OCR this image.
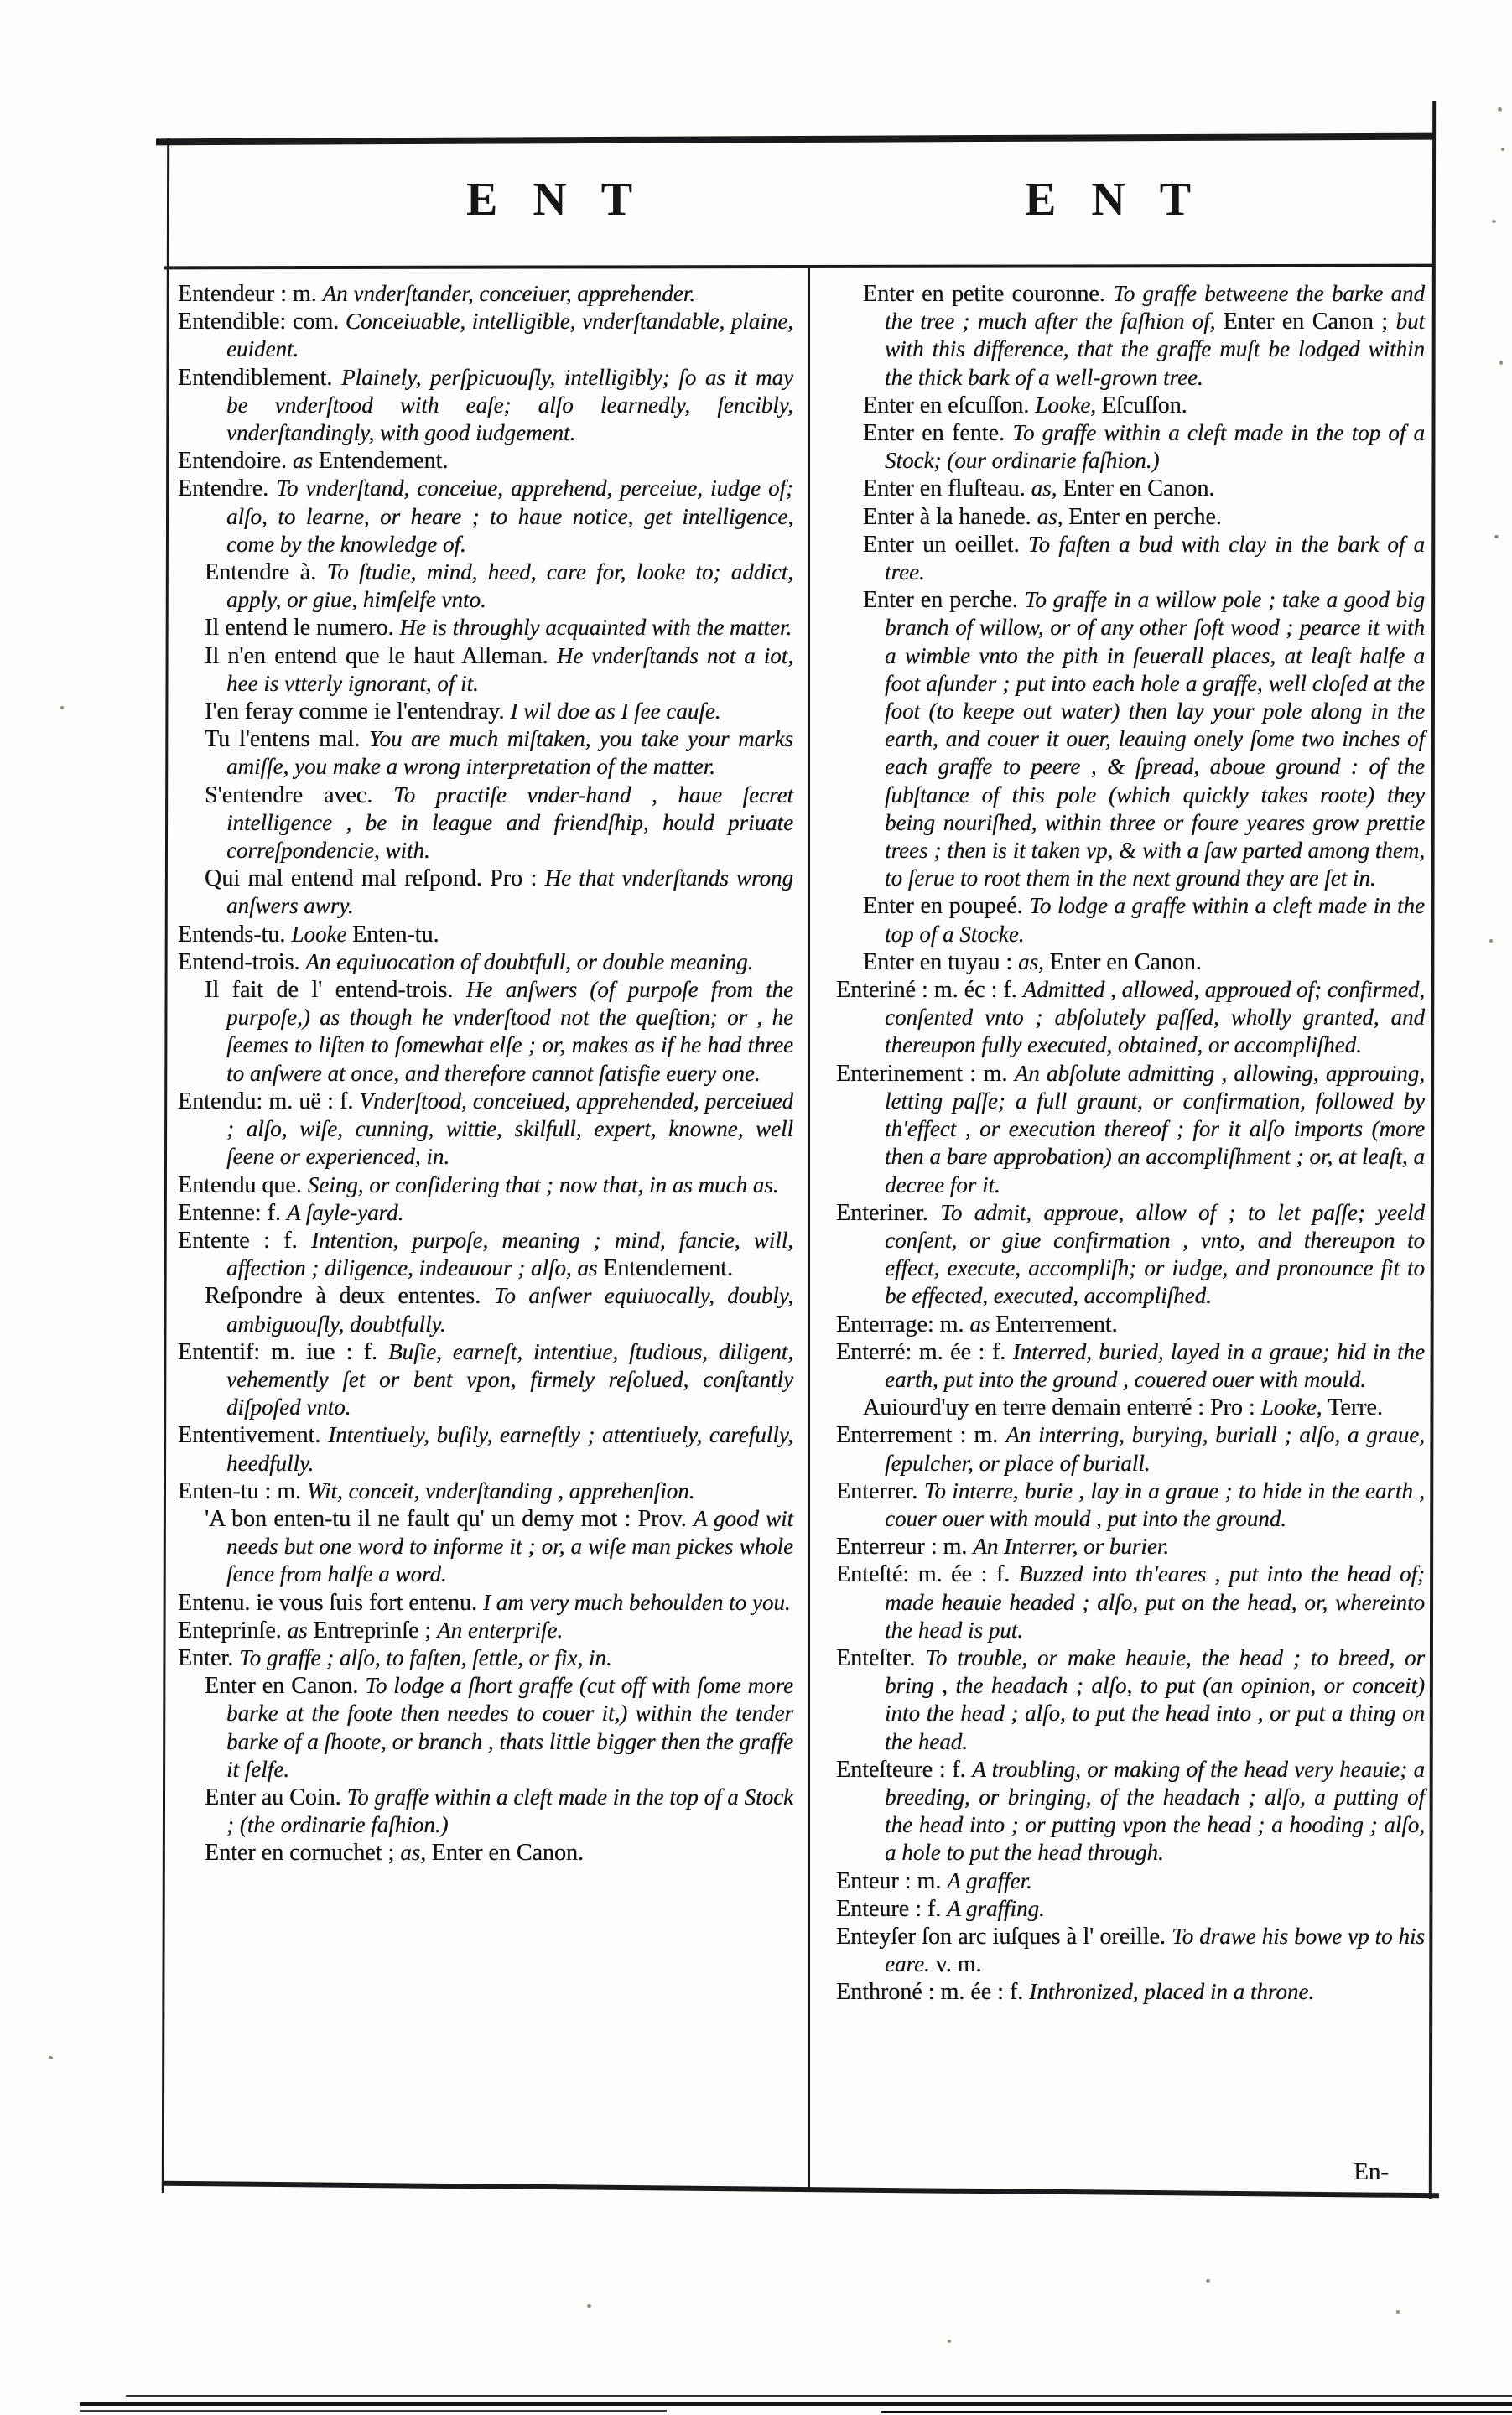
E N T	E N T

Entendeur : m. An vnderſtander, conceiuer, apprehender.

Entendible: com. Conceiuable, intelligible, vnderſtandable, plaine, euident.

Entendiblement. Plainely, perſpicuouſly, intelligibly; ſo as it may be vnderſtood with eaſe; alſo learnedly, ſencibly, vnderſtandingly, with good iudgement.

Entendoire. as Entendement.

Entendre. To vnderſtand, conceiue, apprehend, perceiue, iudge of; alſo, to learne, or heare ; to haue notice, get intelligence, come by the knowledge of.

Entendre à. To ſtudie, mind, heed, care for, looke to; addict, apply, or giue, himſelfe vnto.

Il entend le numero. He is throughly acquainted with the matter.

Il n'en entend que le haut Alleman. He vnderſtands not a iot, hee is vtterly ignorant, of it.

I'en feray comme ie l'entendray. I wil doe as I ſee cauſe.

Tu l'entens mal. You are much miſtaken, you take your marks amiſſe, you make a wrong interpretation of the matter.

S'entendre avec. To practiſe vnder-hand , haue ſecret intelligence , be in league and friendſhip, hould priuate correſpondencie, with.

Qui mal entend mal reſpond. Pro : He that vnderſtands wrong anſwers awry.

Entends-tu. Looke Enten-tu.

Entend-trois. An equiuocation of doubtfull, or double meaning.

Il fait de l' entend-trois. He anſwers (of purpoſe from the purpoſe,) as though he vnderſtood not the queſtion; or , he ſeemes to liſten to ſomewhat elſe ; or, makes as if he had three to anſwere at once, and therefore cannot ſatisfie euery one.

Entendu: m. uë : f. Vnderſtood, conceiued, apprehended, perceiued ; alſo, wiſe, cunning, wittie, skilfull, expert, knowne, well ſeene or experienced, in.

Entendu que. Seing, or conſidering that ; now that, in as much as.

Entenne: f. A ſayle-yard.

Entente : f. Intention, purpoſe, meaning ; mind, fancie, will, affection ; diligence, indeauour ; alſo, as Entendement.

Reſpondre à deux ententes. To anſwer equiuocally, doubly, ambiguouſly, doubtfully.

Ententif: m. iue : f. Buſie, earneſt, intentiue, ſtudious, diligent, vehemently ſet or bent vpon, firmely reſolued, conſtantly diſpoſed vnto.

Ententivement. Intentiuely, buſily, earneſtly ; attentiuely, carefully, heedfully.

Enten-tu : m. Wit, conceit, vnderſtanding , apprehenſion.

'A bon enten-tu il ne fault qu' un demy mot : Prov. A good wit needs but one word to informe it ; or, a wiſe man pickes whole ſence from halfe a word.

Entenu. ie vous ſuis fort entenu. I am very much behoulden to you.

Enteprinſe. as Entreprinſe ; An enterpriſe.

Enter. To graffe ; alſo, to faſten, ſettle, or fix, in.

Enter en Canon. To lodge a ſhort graffe (cut off with ſome more barke at the foote then needes to couer it,) within the tender barke of a ſhoote, or branch , thats little bigger then the graffe it ſelfe.

Enter au Coin. To graffe within a cleft made in the top of a Stock ; (the ordinarie faſhion.)

Enter en cornuchet ; as, Enter en Canon.

Enter en petite couronne. To graffe betweene the barke and the tree ; much after the faſhion of, Enter en Canon ; but with this difference, that the graffe muſt be lodged within the thick bark of a well-grown tree.

Enter en eſcuſſon. Looke, Eſcuſſon.

Enter en fente. To graffe within a cleft made in the top of a Stock; (our ordinarie faſhion.)

Enter en fluſteau. as, Enter en Canon.

Enter à la hanede. as, Enter en perche.

Enter un oeillet. To faſten a bud with clay in the bark of a tree.

Enter en perche. To graffe in a willow pole ; take a good big branch of willow, or of any other ſoft wood ; pearce it with a wimble vnto the pith in ſeuerall places, at leaſt halfe a foot aſunder ; put into each hole a graffe, well cloſed at the foot (to keepe out water) then lay your pole along in the earth, and couer it ouer, leauing onely ſome two inches of each graffe to peere , & ſpread, aboue ground : of the ſubſtance of this pole (which quickly takes roote) they being nouriſhed, within three or foure yeares grow prettie trees ; then is it taken vp, & with a ſaw parted among them, to ſerue to root them in the next ground they are ſet in.

Enter en poupeé. To lodge a graffe within a cleft made in the top of a Stocke.

Enter en tuyau : as, Enter en Canon.

Enteriné : m. éc : f. Admitted , allowed, approued of; confirmed, conſented vnto ; abſolutely paſſed, wholly granted, and thereupon fully executed, obtained, or accompliſhed.

Enterinement : m. An abſolute admitting , allowing, approuing, letting paſſe; a full graunt, or confirmation, followed by th'effect , or execution thereof ; for it alſo imports (more then a bare approbation) an accompliſhment ; or, at leaſt, a decree for it.

Enteriner. To admit, approue, allow of ; to let paſſe; yeeld conſent, or giue confirmation , vnto, and thereupon to effect, execute, accompliſh; or iudge, and pronounce fit to be effected, executed, accompliſhed.

Enterrage: m. as Enterrement.

Enterré: m. ée : f. Interred, buried, layed in a graue; hid in the earth, put into the ground , couered ouer with mould.

Auiourd'uy en terre demain enterré : Pro : Looke, Terre.

Enterrement : m. An interring, burying, buriall ; alſo, a graue, ſepulcher, or place of buriall.

Enterrer. To interre, burie , lay in a graue ; to hide in the earth , couer ouer with mould , put into the ground.

Enterreur : m. An Interrer, or burier.

Enteſté: m. ée : f. Buzzed into th'eares , put into the head of; made heauie headed ; alſo, put on the head, or, whereinto the head is put.

Enteſter. To trouble, or make heauie, the head ; to breed, or bring , the headach ; alſo, to put (an opinion, or conceit) into the head ; alſo, to put the head into , or put a thing on the head.

Enteſteure : f. A troubling, or making of the head very heauie; a breeding, or bringing, of the headach ; alſo, a putting of the head into ; or putting vpon the head ; a hooding ; alſo, a hole to put the head through.

Enteur : m. A graffer.

Enteure : f. A graffing.

Enteyſer ſon arc iuſques à l' oreille. To drawe his bowe vp to his eare. v. m.

Enthroné : m. ée : f. Inthronized, placed in a throne.

En-
